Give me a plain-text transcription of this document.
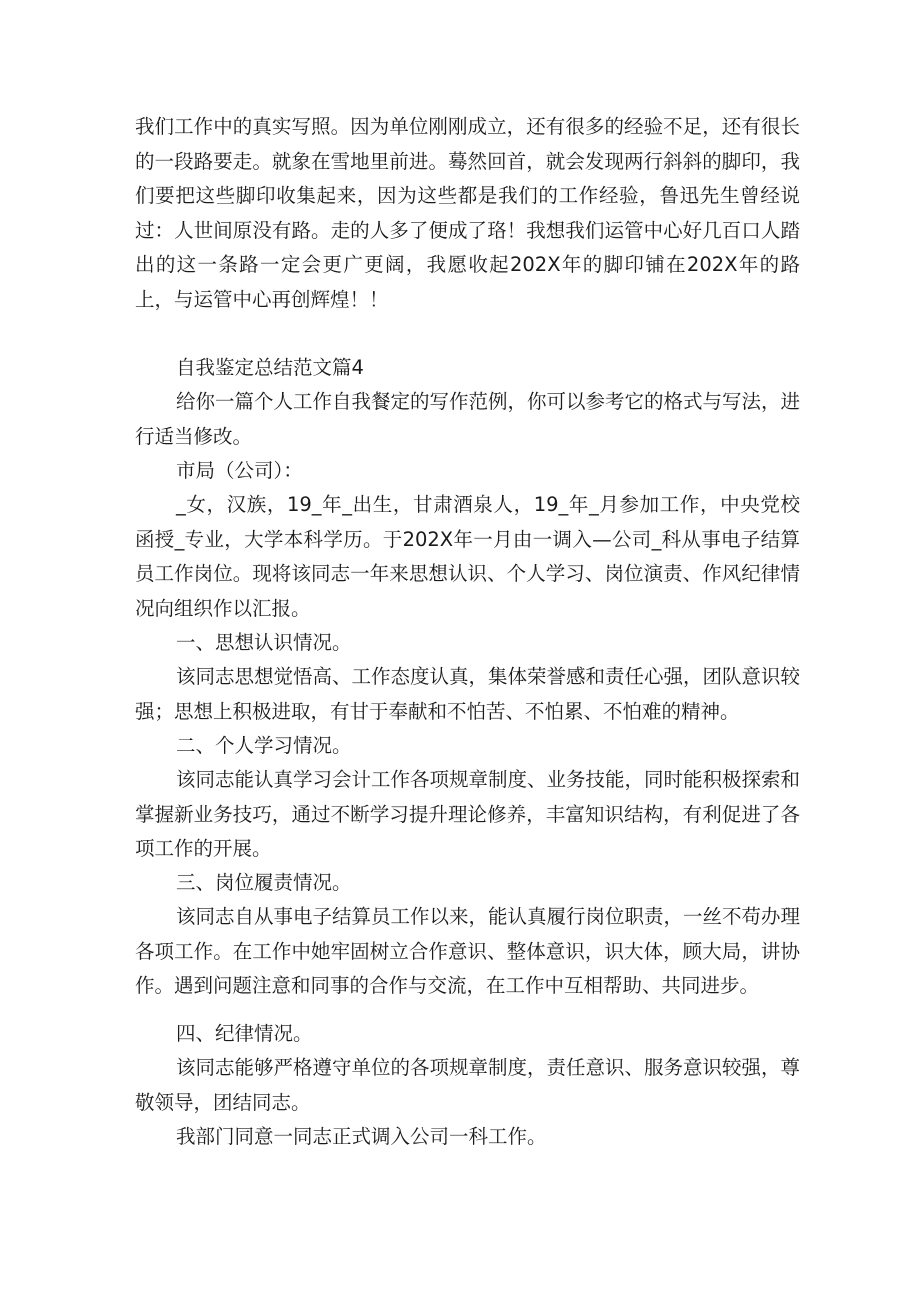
我们工作中的真实写照。因为单位刚刚成立，还有很多的经验不足，还有很长的一段路要走。就象在雪地里前进。蓦然回首，就会发现两行斜斜的脚印，我们要把这些脚印收集起来，因为这些都是我们的工作经验，鲁迅先生曾经说过：人世间原没有路。走的人多了便成了珞！我想我们运管中心好几百口人踏出的这一条路一定会更广更阔，我愿收起202X年的脚印铺在202X年的路上，与运管中心再创辉煌！！

自我鉴定总结范文篇4

给你一篇个人工作自我餐定的写作范例，你可以参考它的格式与写法，进行适当修改。

市局（公司）：

_女，汉族，19_年_出生，甘肃酒泉人，19_年_月参加工作，中央党校函授_专业，大学本科学历。于202X年一月由一调入—公司_科从事电子结算员工作岗位。现将该同志一年来思想认识、个人学习、岗位演责、作风纪律情况向组织作以汇报。

一、思想认识情况。

该同志思想觉悟高、工作态度认真，集体荣誉感和责任心强，团队意识较强；思想上积极进取，有甘于奉献和不怕苦、不怕累、不怕难的精神。

二、个人学习情况。

该同志能认真学习会计工作各项规章制度、业务技能，同时能积极探索和掌握新业务技巧，通过不断学习提升理论修养，丰富知识结构，有利促进了各项工作的开展。

三、岗位履责情况。

该同志自从事电子结算员工作以来，能认真履行岗位职责，一丝不苟办理各项工作。在工作中她牢固树立合作意识、整体意识，识大体，顾大局，讲协作。遇到问题注意和同事的合作与交流，在工作中互相帮助、共同进步。

四、纪律情况。

该同志能够严格遵守单位的各项规章制度，责任意识、服务意识较强，尊敬领导，团结同志。

我部门同意一同志正式调入公司一科工作。
